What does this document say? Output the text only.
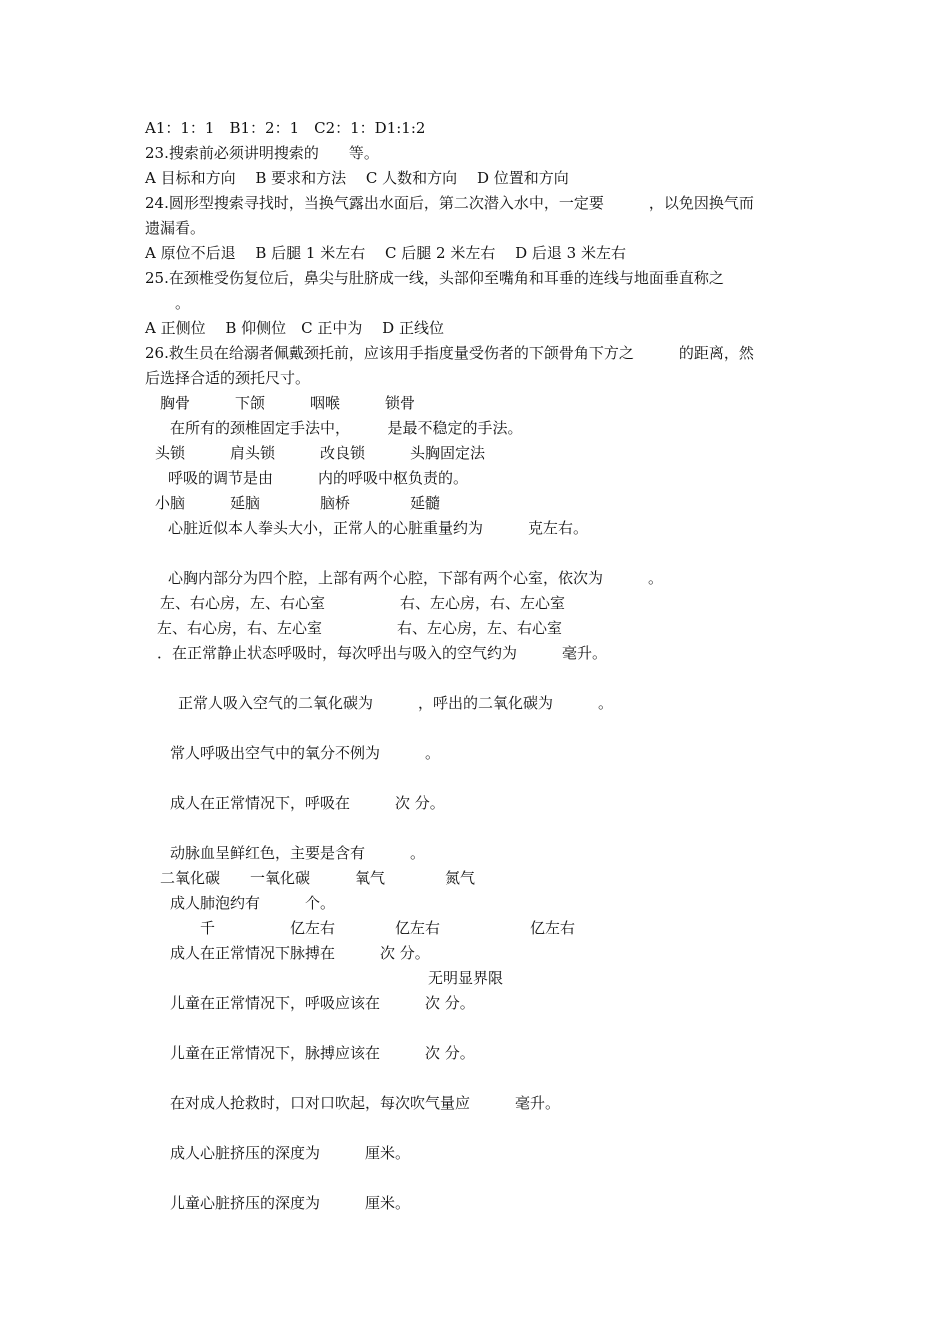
A1：1：1　B1：2：1　C2：1：D1:1:2

23.搜索前必须讲明搜索的　　等。

A 目标和方向　 B 要求和方法　 C 人数和方向　 D 位置和方向

24.圆形型搜索寻找时，当换气露出水面后，第二次潜入水中，一定要　　　，以免因换气而

遗漏看。

A 原位不后退　 B 后腿 1 米左右　 C 后腿 2 米左右　 D 后退 3 米左右

25.在颈椎受伤复位后，鼻尖与肚脐成一线，头部仰至嘴角和耳垂的连线与地面垂直称之

　　。

A 正侧位　 B 仰侧位　C 正中为　 D 正线位

26.救生员在给溺者佩戴颈托前，应该用手指度量受伤者的下颌骨角下方之　　　的距离，然

后选择合适的颈托尺寸。

胸骨　　　下颌　　　咽喉　　　锁骨

在所有的颈椎固定手法中，　　　是最不稳定的手法。

头锁　　　肩头锁　　　改良锁　　　头胸固定法

呼吸的调节是由　　　内的呼吸中枢负责的。

小脑　　　延脑　　　　脑桥　　　　延髓

心脏近似本人拳头大小，正常人的心脏重量约为　　　克左右。

心胸内部分为四个腔，上部有两个心腔，下部有两个心室，依次为　　　。

左、右心房，左、右心室　　　　　右、左心房，右、左心室

左、右心房，右、左心室　　　　　右、左心房，左、右心室

．在正常静止状态呼吸时，每次呼出与吸入的空气约为　　　毫升。

正常人吸入空气的二氧化碳为　　　，呼出的二氧化碳为　　　。

常人呼吸出空气中的氧分不例为　　　。

成人在正常情况下，呼吸在　　　次 分。

动脉血呈鲜红色，主要是含有　　　。

二氧化碳　　一氧化碳　　　氧气　　　　氮气

成人肺泡约有　　　个。

千　　　　　亿左右　　　　亿左右　　　　　　亿左右

成人在正常情况下脉搏在　　　次 分。

无明显界限

儿童在正常情况下，呼吸应该在　　　次 分。

儿童在正常情况下，脉搏应该在　　　次 分。

在对成人抢救时，口对口吹起，每次吹气量应　　　毫升。

成人心脏挤压的深度为　　　厘米。

儿童心脏挤压的深度为　　　厘米。
